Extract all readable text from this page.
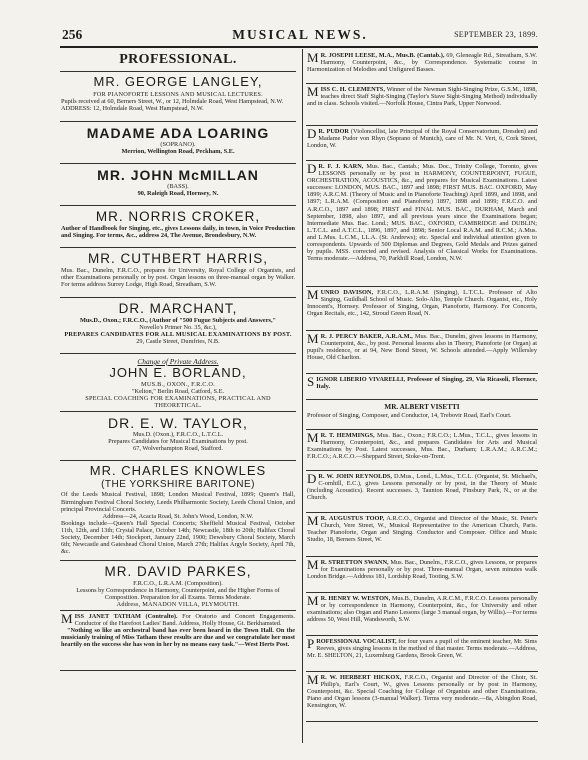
256	MUSICAL NEWS.	SEPTEMBER 23, 1899.
PROFESSIONAL.
MR. GEORGE LANGLEY,
FOR PIANOFORTE LESSONS AND MUSICAL LECTURES.
Pupils received at 60, Berners Street, W., or 12, Holmdale Road, West Hampstead, N.W.
ADDRESS: 12, Holmdale Road, West Hampstead, N.W.
MADAME ADA LOARING
(SOPRANO).
Merrion, Wellington Road, Peckham, S.E.
MR. JOHN McMILLAN
(BASS).
90, Raleigh Road, Hornsey, N.
MR. NORRIS CROKER,
Author of Handbook for Singing, etc., gives Lessons daily, in town, in Voice Production and Singing. For terms, &c., address 24, The Avenue, Brondesbury, N.W.
MR. CUTHBERT HARRIS,
Mus. Bac., Dunelm, F.R.C.O., prepares for University, Royal College of Organists, and other Examinations personally or by post. Organ lessons on three-manual organ by Walker. For terms address Surrey Lodge, High Road, Streatham, S.W.
DR. MARCHANT,
Mus.D., Oxon.; F.R.C.O., (Author of "500 Fugue Subjects and Answers,"
Novello's Primer No. 35, &c.),
PREPARES CANDIDATES FOR ALL MUSICAL EXAMINATIONS BY POST.
29, Castle Street, Dumfries, N.B.
Change of Private Address.
JOHN E. BORLAND,
MUS.B., OXON., F.R.C.O.
"Kelton," Berlin Road, Catford, S.E.
SPECIAL COACHING FOR EXAMINATIONS, PRACTICAL AND THEORETICAL.
DR. E. W. TAYLOR,
Mus.D. (Oxon.), F.R.C.O., L.T.C.L.
Prepares Candidates for Musical Examinations by post.
67, Wolverhampton Road, Stafford.
MR. CHARLES KNOWLES
(THE YORKSHIRE BARITONE)
Of the Leeds Musical Festival, 1898; London Musical Festival, 1899; Queen's Hall, Birmingham Festival Choral Society, Leeds Philharmonic Society, Leeds Choral Union, and principal Provincial Concerts.
Address—24, Acacia Road, St. John's Wood, London, N.W.
Bookings include—Queen's Hall Special Concerts; Sheffield Musical Festival, October 11th, 12th, and 13th; Crystal Palace, October 14th; Newcastle, 18th to 20th; Halifax Choral Society, December 14th; Stockport, January 22nd, 1900; Dewsbury Choral Society, March 6th; Newcastle and Gateshead Choral Union, March 27th; Halifax Argyle Society, April 7th, &c.
MR. DAVID PARKES,
F.R.C.O., L.R.A.M. (Composition).
Lessons by Correspondence in Harmony, Counterpoint, and the Higher Forms of Composition. Preparation for all Exams. Terms Moderate.
Address, MANADON VILLA, PLYMOUTH.
MISS JANET TATHAM (Contralto). For Oratorio and Concert Engagements. Conductor of the Harefoot Ladies' Band. Address, Holly House, Gt. Berkhamsted.
"Nothing so like an orchestral band has ever been heard in the Town Hall. On the musicianly training of Miss Tatham these results are due and we congratulate her most heartily on the success she has won in her by no means easy task."—West Herts Post.
M R. JOSEPH LEESE, M.A., Mus.B. (Cantab.), 69, Gleneagle Rd., Streatham, S.W. Harmony, Counterpoint, &c., by Correspondence. Systematic course in Harmonization of Melodies and Unfigured Basses.
MISS C. H. CLEMENTS, Winner of the Newman Sight-Singing Prize, G.S.M., 1898, teaches direct Staff Sight-Singing (Taylor's Stave Sight-Singing Method) individually and in class. Schools visited.—Norfolk House, Cintra Park, Upper Norwood.
D R. PUDOR (Violoncellist, late Principal of the Royal Conservatorium, Dresden) and Madame Pudor von Rhyn (Soprano of Munich), care of Mr. N. Vert, 6, Cork Street, London, W.
D R. F. J. KARN, Mus. Bac., Cantab.; Mus. Doc., Trinity College, Toronto, gives LESSONS personally or by post in HARMONY, COUNTERPOINT, FUGUE, ORCHESTRATION, ACOUSTICS, &c., and prepares for Musical Examinations. Latest successes: LONDON, MUS. BAC., 1897 and 1898; FIRST MUS. BAC. OXFORD, May 1899; A.R.C.M. (Theory of Music and in Pianoforte Teaching) April 1899, and 1898, and 1897; L.R.A.M. (Composition and Pianoforte) 1897, 1898 and 1899; F.R.C.O. and A.R.C.O., 1897 and 1898; FIRST and FINAL MUS. BAC., DURHAM, March and September, 1898, also 1897, and all previous years since the Examinations began; Intermediate Mus. Bac. Lond.; MUS. BAC., OXFORD, CAMBRIDGE and DUBLIN; L.T.C.L. and A.T.C.L., 1896, 1897, and 1898; Senior Local R.A.M. and R.C.M.; A.Mus. and L.Mus. L.C.M., LL.A. (St. Andrews); etc. Special and individual attention given to correspondents. Upwards of 500 Diplomas and Degrees, Gold Medals and Prizes gained by pupils. MSS. corrected and revised. Analysis of Classical Works for Examinations. Terms moderate.—Address, 70, Parkhill Road, London, N.W.
MUNRO DAVISON, F.R.C.O., L.R.A.M. (Singing), L.T.C.L. Professor of Alto Singing, Guildhall School of Music. Solo-Alto, Temple Church. Organist, etc., Holy Innocent's, Hornsey. Professor of Singing, Organ, Pianoforte, Harmony. For Concerts, Organ Recitals, etc., 142, Stroud Green Road, N.
M R. J. PERCY BAKER, A.R.A.M., Mus. Bac., Dunelm, gives lessons in Harmony, Counterpoint, &c., by post. Personal lessons also in Theory, Pianoforte (or Organ) at pupil's residence, or at 94, New Bond Street, W. Schools attended.—Apply Willersley House, Old Charlton.
SIGNOR LIBERIO VIVARELLI, Professor of Singing, 29, Via Ricasoli, Florence, Italy.
MR. ALBERT VISETTI
Professor of Singing, Composer, and Conductor, 14, Trebovir Road, Earl's Court.
M R. T. HEMMINGS, Mus. Bac., Oxon.; F.R.C.O.; L.Mus., T.C.L., gives lessons in Harmony, Counterpoint, &c., and prepares Candidates for Arts and Musical Examinations by Post. Latest successes, Mus. Bac., Durham; L.R.A.M.; A.R.C.M.; F.R.C.O.; A.R.C.O.—Sheppard Street, Stoke-on-Trent.
D R. W. JOHN REYNOLDS, D.Mus., Lond., L.Mus., T.C.L. (Organist, St. Michael's, C-ornhill, E.C.), gives Lessons personally or by post, in the Theory of Music (including Acoustics). Recent successes. 3, Taunton Road, Finsbury Park, N., or at the Church.
M R. AUGUSTUS TOOP, A.R.C.O., Organist and Director of the Music, St. Peter's Church, Vere Street, W., Musical Representative to the American Church, Paris. Teacher Pianoforte, Organ and Singing. Conductor and Composer. Office and Music Studio, 18, Berners Street, W.
M R. STRETTON SWANN, Mus. Bac., Dunelm., F.R.C.O., gives Lessons, or prepares for Examinations personally or by post. Three-manual Organ, seven minutes walk London Bridge.—Address 181, Lordship Road, Tooting, S.W.
M R. HENRY W. WESTON, Mus.B., Dunelm, A.R.C.M., F.R.C.O. Lessons personally or by correspondence in Harmony, Counterpoint, &c., for University and other examinations; also Organ and Piano Lessons (large 3 manual organ, by Willis).—For terms address 50, West Hill, Wandsworth, S.W.
PROFESSIONAL VOCALIST, for four years a pupil of the eminent teacher, Mr. Sims Reeves, gives singing lessons in the method of that master. Terms moderate.—Address, Mr. E. SHELTON, 21, Luxemburg Gardens, Brook Green, W.
M R. W. HERBERT HICKOX, F.R.C.O., Organist and Director of the Choir, St. Philip's, Earl's Court, W., gives Lessons personally or by post in Harmony, Counterpoint, &c. Special Coaching for College of Organists and other Examinations. Piano and Organ lessons (3-manual Walker). Terms very moderate.—8a, Abingdon Road, Kensington, W.
